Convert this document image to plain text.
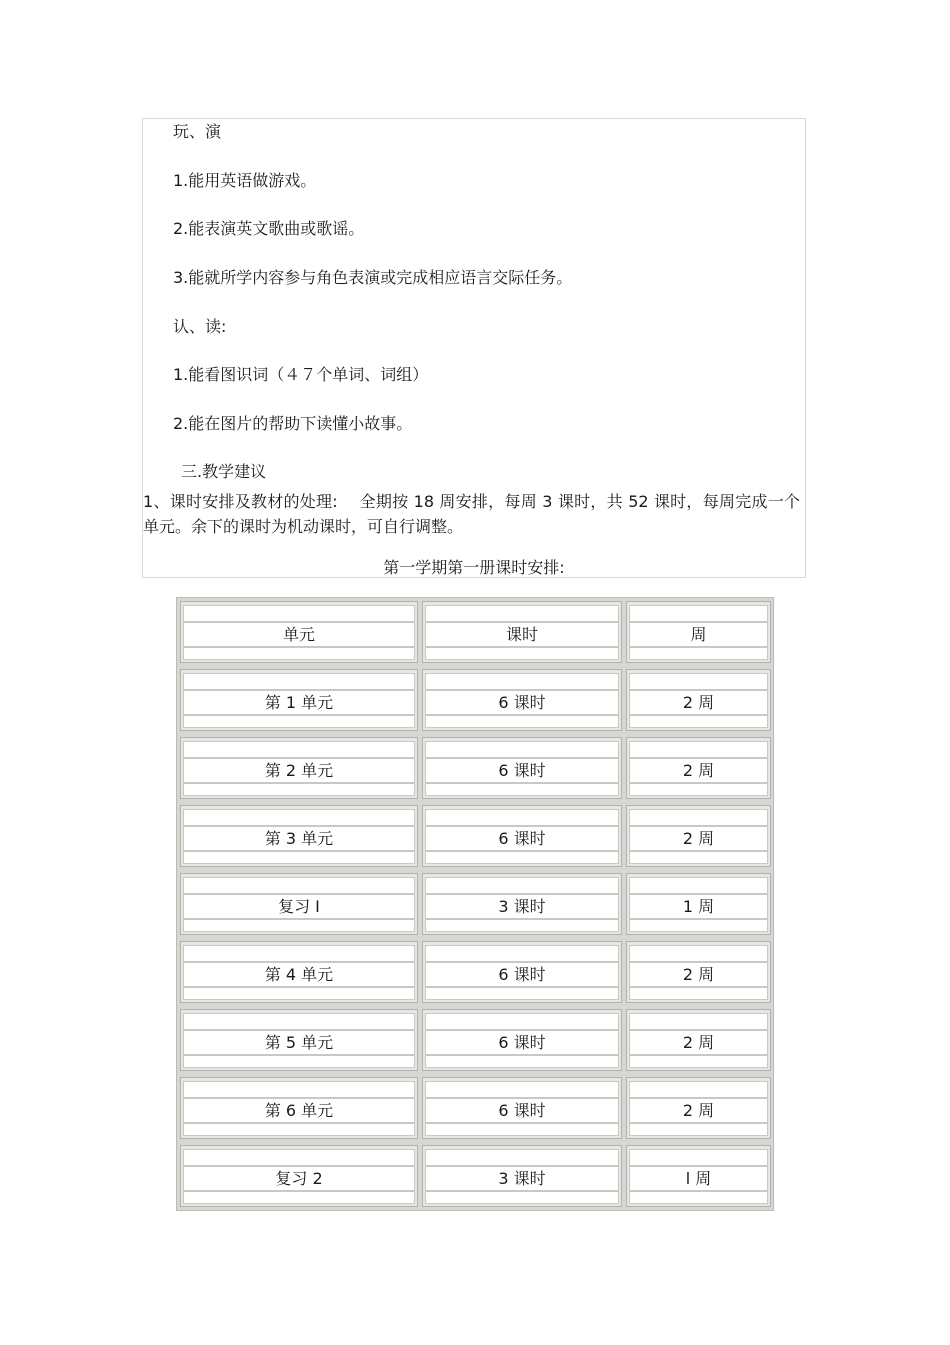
玩、演
1.能用英语做游戏。
2.能表演英文歌曲或歌谣。
3.能就所学内容参与角色表演或完成相应语言交际任务。
认、读:
1.能看图识词（４７个单词、词组）
2.能在图片的帮助下读懂小故事。
三.教学建议
1、课时安排及教材的处理:　 全期按 18 周安排，每周 3 课时，共 52 课时，每周完成一个单元。余下的课时为机动课时，可自行调整。
第一学期第一册课时安排:
单元	课时	周
第 1 单元	6 课时	2 周
第 2 单元	6 课时	2 周
第 3 单元	6 课时	2 周
复习 I	3 课时	1 周
第 4 单元	6 课时	2 周
第 5 单元	6 课时	2 周
第 6 单元	6 课时	2 周
复习 2	3 课时	l 周
